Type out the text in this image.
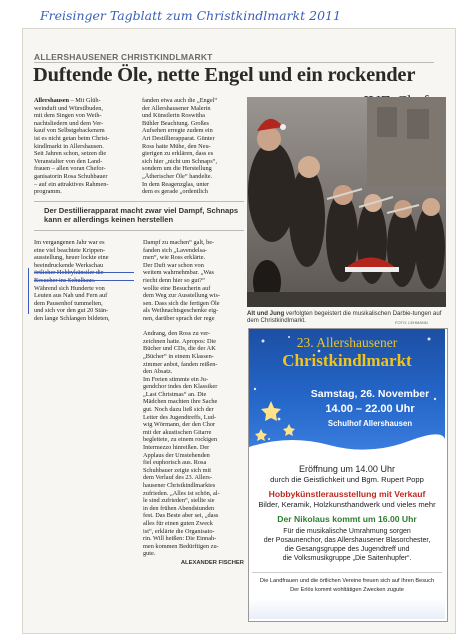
Freisinger Tagblatt zum Christkindlmarkt 2011
ALLERSHAUSENER CHRISTKINDLMARKT
Duftende Öle, nette Engel und ein rockender

Allershausen – Mit Glüh-

weinduft und Würstlbuden,

mit dem Singen von Weih-

nachtsliedern und dem Ver-

kauf von Selbstgebackenem

ist es nicht getan beim Christ-

kindlmarkt in Allershausen.

Seit Jahren schon, setzen die

Veranstalter von den Land-

frauen – allen voran Chefor-

ganisatorin Rosa Schuhbauer

– auf ein attraktives Rahmen-

programm.

fanden etwa auch die „Engel“

der Allershausener Malerin

und Künstlerin Roswitha

Bühler Beachtung. Großes

Aufsehen erregte zudem ein

Art Destillierapparat. Günter

Ross hatte Mühe, den Neu-

gierigen zu erklären, dass es

sich hier „nicht um Schnaps“,

sondern um die Herstellung

„Ätherischer Öle“ handelte.

In dem Reagenzglas, unter

dem es gerade „ordentlich

Der Destillierapparat macht zwar viel Dampf, Schnaps kann er allerdings keinen herstellen

Im vergangenen Jahr war es

eine viel beachtete Krippen-

ausstellung, heuer lockte eine

beeindruckende Werkschau

Während sich Hunderte von

Leuten aus Nah und Fern auf

dem Pausenhof tummelten,

und sich vor den gut 20 Stän-

den lange Schlangen bildeten,

Dampf zu machen“ galt, be-

fanden sich „Lavendelsa-

men“, wie Ross erklärte.

Der Duft war schon von

weitem wahrnehmbar. „Was

riecht denn hier so gut?“

wollte eine Besucherin auf

dem Weg zur Ausstellung wis-

sen. Dass sich die fertigen Öle

als Weihnachtsgeschenke eig-

nen, darüber sprach der rege

Andrang, den Ross zu ver-

zeichnen hatte. Apropos: Die

Bücher und CDs, die der AK

„Bücher“ in einem Klassen-

zimmer anbot, fanden reißen-

den Absatz.

Im Freien stimmte ein Ju-

gendchor indes den Klassiker

„Last Christmas“ an. Die

Mädchen machten ihre Sache

gut. Noch dazu ließ sich der

Leiter des Jugendtreffs, Lud-

wig Wörmann, der den Chor

mit der akustischen Gitarre

begleitete, zu einem rockigen

Intermezzo hinreißen. Der

Applaus der Umstehenden

fiel euphorisch aus. Rosa

Schuhbauer zeigte sich mit

dem Verlauf des 23. Allers-

hausener Christkindlmarktes

zufrieden. „Alles ist schön, al-

le sind zufrieden“, stellte sie

in den frühen Abendstunden

fest. Das Beste aber sei, „dass

alles für einen guten Zweck

ist“, erklärte die Organisato-

rin. Will heißen: Die Einnah-

men kommen Bedürftigen zu-

gute.

ALEXANDER FISCHER
Alt und Jung verfolgten begeistert die musikalischen Darbie-tungen auf dem Christkindlmarkt.	FOTO: LEHMANN
23. Allershausener
Christkindlmarkt
Samstag, 26. November
14.00 – 22.00 Uhr
Schulhof Allershausen
Eröffnung um 14.00 Uhr
durch die Geistlichkeit und Bgm. Rupert Popp
Hobbykünstlerausstellung mit Verkauf
Bilder, Keramik, Holzkunsthandwerk und vieles mehr
Der Nikolaus kommt um 16.00 Uhr
Für die musikalische Umrahmung sorgen
der Posaunenchor, das Allershausener Blasorchester,
die Gesangsgruppe des Jugendtreff und
die Volksmusikgruppe „Die Saitenhupfer“.
Die Landfrauen und die örtlichen Vereine freuen sich auf Ihren Besuch
Der Erlös kommt wohltätigen Zwecken zugute
